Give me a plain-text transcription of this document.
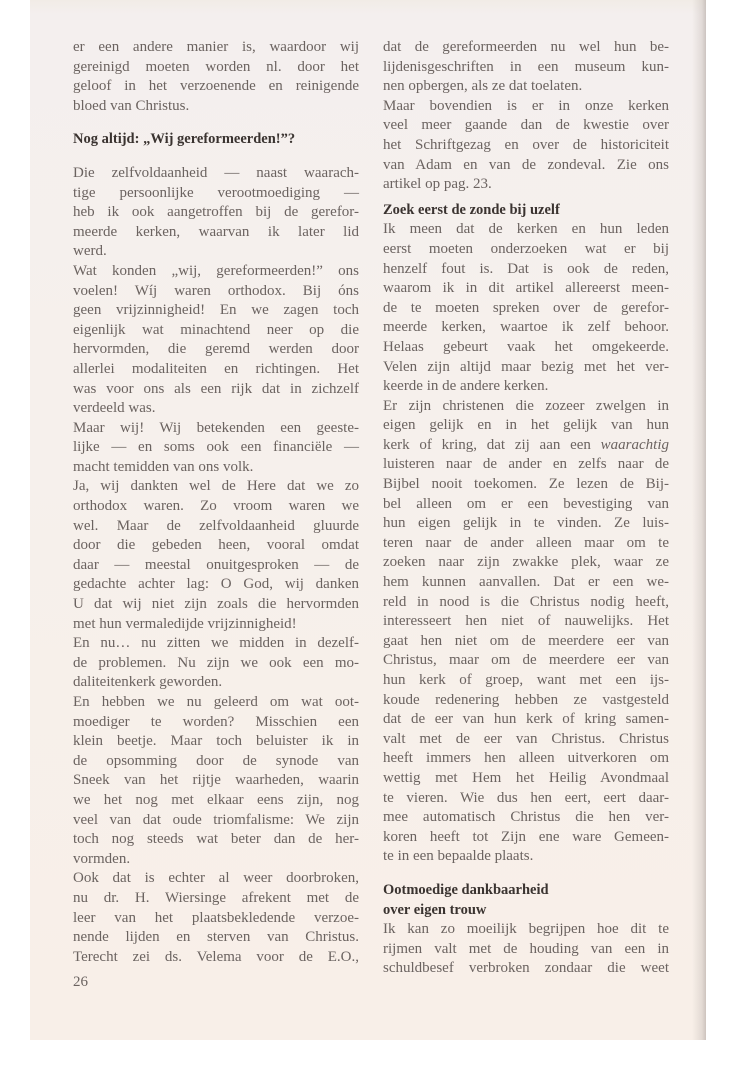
er een andere manier is, waardoor wij
gereinigd moeten worden nl. door het
geloof in het verzoenende en reinigende
bloed van Christus.
Nog altijd: „Wij gereformeerden!”?
Die zelfvoldaanheid — naast waarach-
tige persoonlijke verootmoediging —
heb ik ook aangetroffen bij de gerefor-
meerde kerken, waarvan ik later lid
werd.
Wat konden „wij, gereformeerden!” ons
voelen! Wíj waren orthodox. Bij óns
geen vrijzinnigheid! En we zagen toch
eigenlijk wat minachtend neer op die
hervormden, die geremd werden door
allerlei modaliteiten en richtingen. Het
was voor ons als een rijk dat in zichzelf
verdeeld was.
Maar wij! Wij betekenden een geeste-
lijke — en soms ook een financiële —
macht temidden van ons volk.
Ja, wij dankten wel de Here dat we zo
orthodox waren. Zo vroom waren we
wel. Maar de zelfvoldaanheid gluurde
door die gebeden heen, vooral omdat
daar — meestal onuitgesproken — de
gedachte achter lag: O God, wij danken
U dat wij niet zijn zoals die hervormden
met hun vermaledijde vrijzinnigheid!
En nu… nu zitten we midden in dezelf-
de problemen. Nu zijn we ook een mo-
daliteitenkerk geworden.
En hebben we nu geleerd om wat oot-
moediger te worden? Misschien een
klein beetje. Maar toch beluister ik in
de opsomming door de synode van
Sneek van het rijtje waarheden, waarin
we het nog met elkaar eens zijn, nog
veel van dat oude triomfalisme: We zijn
toch nog steeds wat beter dan de her-
vormden.
Ook dat is echter al weer doorbroken,
nu dr. H. Wiersinge afrekent met de
leer van het plaatsbekledende verzoe-
nende lijden en sterven van Christus.
Terecht zei ds. Velema voor de E.O.,
26
dat de gereformeerden nu wel hun be-
lijdenisgeschriften in een museum kun-
nen opbergen, als ze dat toelaten.
Maar bovendien is er in onze kerken
veel meer gaande dan de kwestie over
het Schriftgezag en over de historiciteit
van Adam en van de zondeval. Zie ons
artikel op pag. 23.
Zoek eerst de zonde bij uzelf
Ik meen dat de kerken en hun leden
eerst moeten onderzoeken wat er bij
henzelf fout is. Dat is ook de reden,
waarom ik in dit artikel allereerst meen-
de te moeten spreken over de gerefor-
meerde kerken, waartoe ik zelf behoor.
Helaas gebeurt vaak het omgekeerde.
Velen zijn altijd maar bezig met het ver-
keerde in de andere kerken.
Er zijn christenen die zozeer zwelgen in
eigen gelijk en in het gelijk van hun
kerk of kring, dat zij aan een waarachtig
luisteren naar de ander en zelfs naar de
Bijbel nooit toekomen. Ze lezen de Bij-
bel alleen om er een bevestiging van
hun eigen gelijk in te vinden. Ze luis-
teren naar de ander alleen maar om te
zoeken naar zijn zwakke plek, waar ze
hem kunnen aanvallen. Dat er een we-
reld in nood is die Christus nodig heeft,
interesseert hen niet of nauwelijks. Het
gaat hen niet om de meerdere eer van
Christus, maar om de meerdere eer van
hun kerk of groep, want met een ijs-
koude redenering hebben ze vastgesteld
dat de eer van hun kerk of kring samen-
valt met de eer van Christus. Christus
heeft immers hen alleen uitverkoren om
wettig met Hem het Heilig Avondmaal
te vieren. Wie dus hen eert, eert daar-
mee automatisch Christus die hen ver-
koren heeft tot Zijn ene ware Gemeen-
te in een bepaalde plaats.
Ootmoedige dankbaarheid
over eigen trouw
Ik kan zo moeilijk begrijpen hoe dit te
rijmen valt met de houding van een in
schuldbesef verbroken zondaar die weet
